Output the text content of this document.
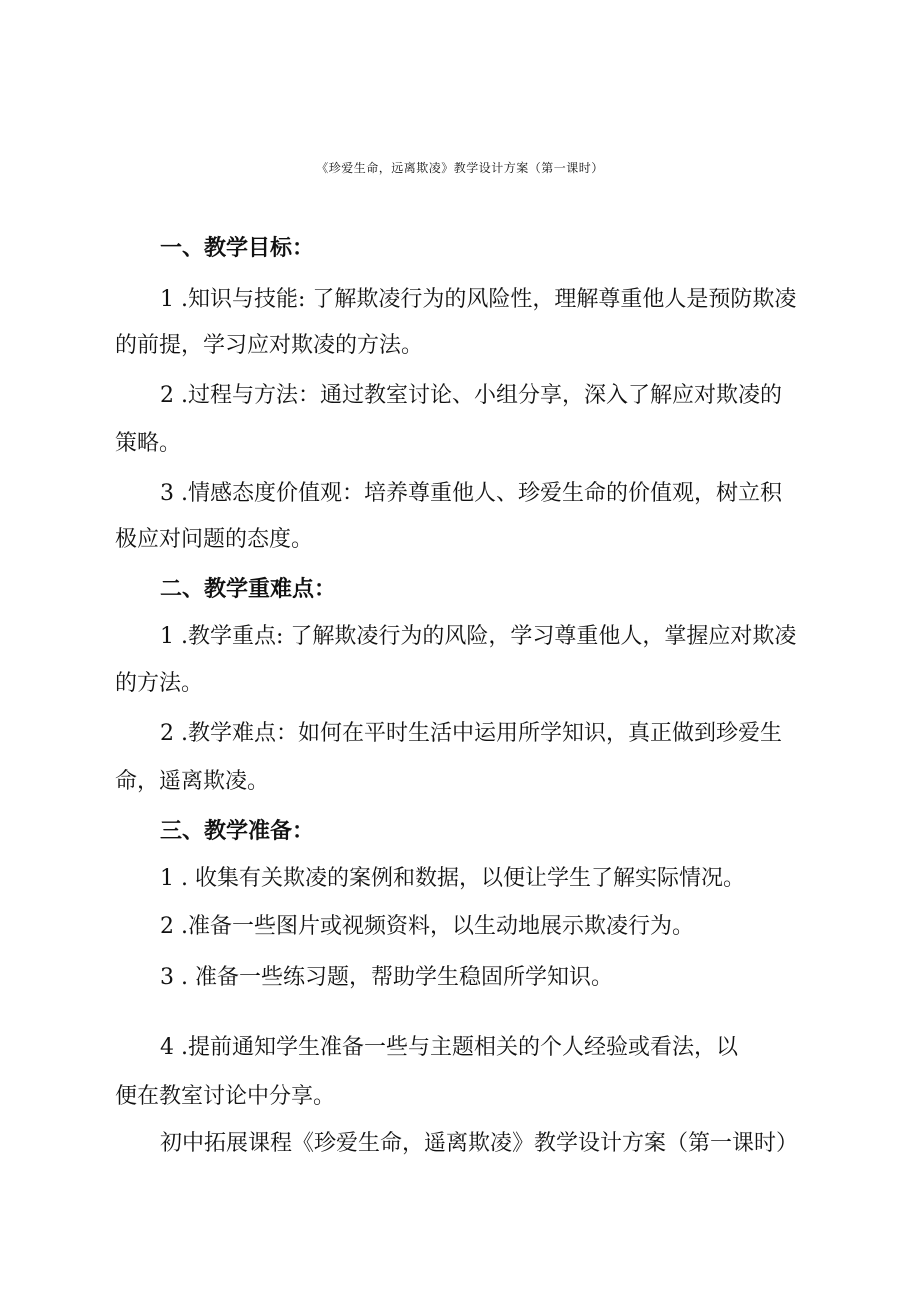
《珍爱生命，远离欺凌》教学设计方案（第一课时）
一、教学目标：
1 .知识与技能: 了解欺凌行为的风险性，理解尊重他人是预防欺凌
的前提，学习应对欺凌的方法。
2 .过程与方法：通过教室讨论、小组分享，深入了解应对欺凌的
策略。
3 .情感态度价值观：培养尊重他人、珍爱生命的价值观，树立积
极应对问题的态度。
二、教学重难点：
1 .教学重点: 了解欺凌行为的风险，学习尊重他人，掌握应对欺凌
的方法。
2 .教学难点：如何在平时生活中运用所学知识，真正做到珍爱生
命，遥离欺凌。
三、教学准备：
1 . 收集有关欺凌的案例和数据，以便让学生了解实际情况。
2 .准备一些图片或视频资料，以生动地展示欺凌行为。
3 . 准备一些练习题，帮助学生稳固所学知识。
4 .提前通知学生准备一些与主题相关的个人经验或看法，以
便在教室讨论中分享。
初中拓展课程《珍爱生命，遥离欺凌》教学设计方案（第一课时）
